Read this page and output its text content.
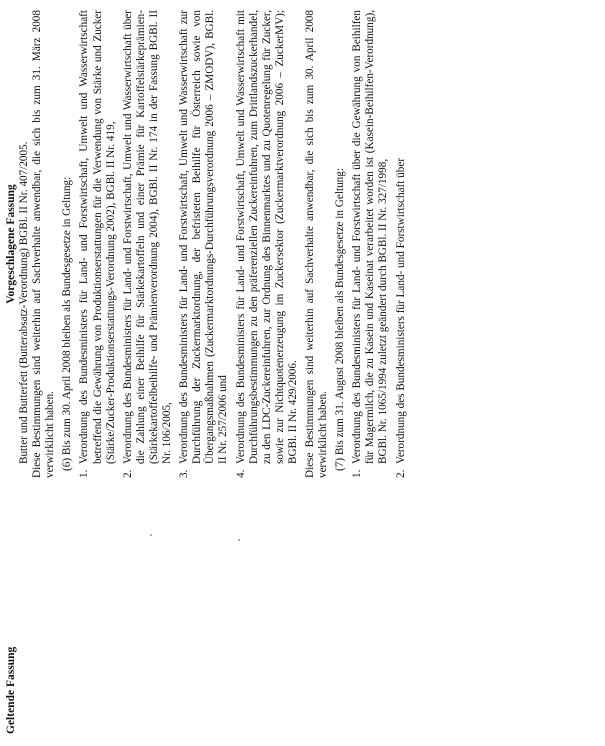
Geltende Fassung
Vorgeschlagene Fassung Butter und Butterfett (Butterabsatz-Verordnung) BGBl. II Nr. 407/2005. Diese Bestimmungen sind weiterhin auf Sachverhalte anwendbar, die sich bis zum 31. März 2008 verwirklicht haben. (6) Bis zum 30. April 2008 bleiben als Bundesgesetze in Geltung:

1.
Verordnung des Bundesministers für Land- und Forstwirtschaft, Umwelt und Wasserwirtschaft betreffend die Gewährung von Produktionserstattungen für die Verwendung von Stärke und Zucker (Stärke/Zucker-Produktionserstattungs-Verordnung 2002), BGBl. II Nr. 419,
2.
Verordnung des Bundesministers für Land- und Forstwirtschaft, Umwelt und Wasserwirtschaft über die Zahlung einer Beihilfe für Stärkekartoffeln und einer Prämie für Kartoffelstärkeprämien-(Stärkekartoffelbeihilfe- und Prämienverordnung 2004), BGBl. II Nr. 174 in der Fassung BGBl. II Nr. 106/2005,
3.
Verordnung des Bundesministers für Land- und Forstwirtschaft, Umwelt und Wasserwirtschaft zur Durchführung der Zuckermarktordnung, der befristeten Beihilfe für Österreich sowie von Übergangsmaßnahmen (Zuckermarktordnungs-Durchführungsverordnung 2006 – ZMODV), BGBl. II Nr. 257/2006 und
4.
Verordnung des Bundesministers für Land- und Forstwirtschaft, Umwelt und Wasserwirtschaft mit Durchführungsbestimmungen zu den präferenziellen Zuckereinfuhren, zum Drittlandszuckerhandel, zu den LDC-Zuckereinfuhren, zur Ordnung des Binnenmarktes und zu Quotenregelung für Zucker, sowie zur Nichtquotenerzeugung im Zuckersektor (Zuckermarktverordnung 2006 – ZuckerMV); BGBl. II Nr. 429/2006. Diese Bestimmungen sind weiterhin auf Sachverhalte anwendbar, die sich bis zum 30. April 2008 verwirklicht haben. (7) Bis zum 31. August 2008 bleiben als Bundesgesetze in Geltung:

1.
Verordnung des Bundesministers für Land- und Forstwirtschaft über die Gewährung von Beihilfen für Magermilch, die zu Kasein und Kaseinat verarbeitet worden ist (Kasein-Beihilfen-Verordnung), BGBl. Nr. 1065/1994 zuletzt geändert durch BGBl. II Nr. 327/1998,
2.
Verordnung des Bundesministers für Land- und Forstwirtschaft über
